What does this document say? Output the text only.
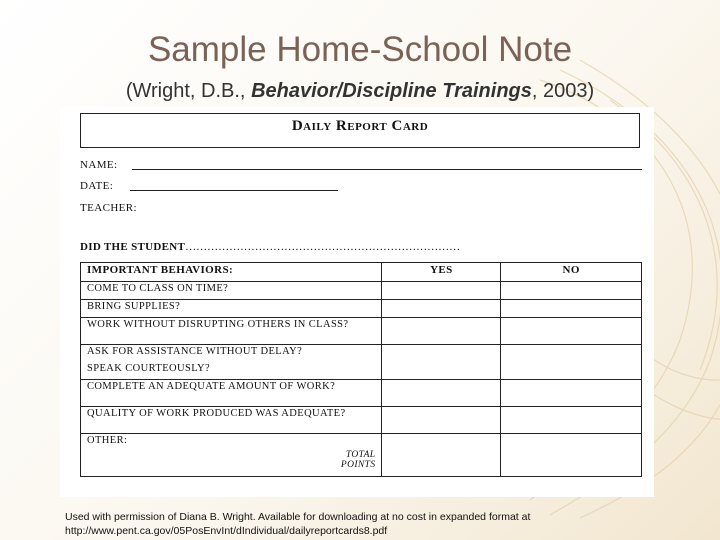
Sample Home-School Note
(Wright, D.B., Behavior/Discipline Trainings, 2003)
Daily Report Card
NAME:
DATE:
TEACHER:
DID THE STUDENT…………………………………………………………………
IMPORTANT BEHAVIORS:	YES	NO
COME TO CLASS ON TIME?		
BRING SUPPLIES?		
WORK WITHOUT DISRUPTING OTHERS IN CLASS?		
ASK FOR ASSISTANCE WITHOUT DELAY?		
SPEAK COURTEOUSLY?		
COMPLETE AN ADEQUATE AMOUNT OF WORK?		
QUALITY OF WORK PRODUCED WAS ADEQUATE?		

OTHER:
TOTAL POINTS		

Used with permission of Diana B. Wright. Available for downloading at no cost in expanded format at
http://www.pent.ca.gov/05PosEnvInt/dIndividual/dailyreportcards8.pdf
